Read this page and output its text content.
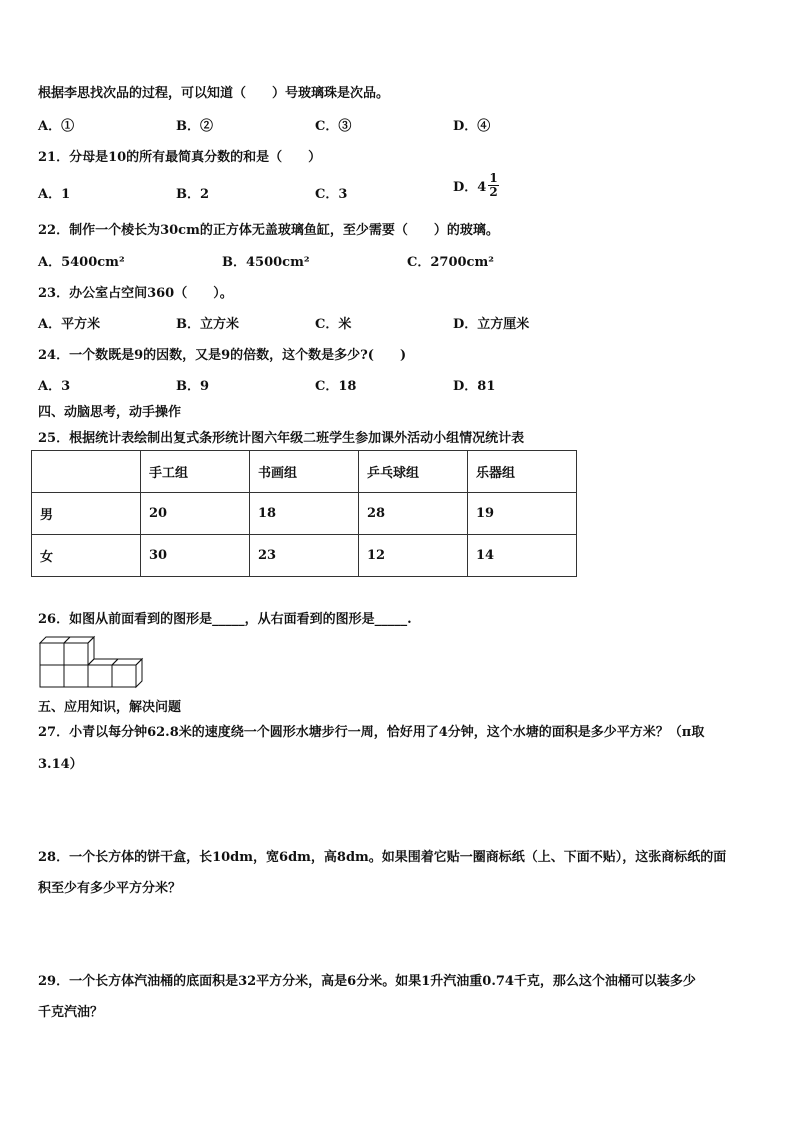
根据李思找次品的过程，可以知道（　　）号玻璃珠是次品。
A．①	B．②	C．③	D．④
21．分母是10的所有最简真分数的和是（　　）
A．1	B．2	C．3	D．$4 \frac{1}{2}$
22．制作一个棱长为30cm的正方体无盖玻璃鱼缸，至少需要（　　）的玻璃。
A．5400cm²	B．4500cm²	C．2700cm²
23．办公室占空间360（　　）。
A．平方米	B．立方米	C．米	D．立方厘米
24．一个数既是9的因数，又是9的倍数，这个数是多少?(　　)
A．3	B．9	C．18	D．81
四、动脑思考，动手操作
25．根据统计表绘制出复式条形统计图六年级二班学生参加课外活动小组情况统计表
	手工组	书画组	乒乓球组	乐器组
男	20	18	28	19
女	30	23	12	14
26．如图从前面看到的图形是_____，从右面看到的图形是_____.
五、应用知识，解决问题
27．小青以每分钟62.8米的速度绕一个圆形水塘步行一周，恰好用了4分钟，这个水塘的面积是多少平方米？（π取
3.14）
28．一个长方体的饼干盒，长10dm，宽6dm，高8dm。如果围着它贴一圈商标纸（上、下面不贴），这张商标纸的面
积至少有多少平方分米？
29．一个长方体汽油桶的底面积是32平方分米，高是6分米。如果1升汽油重0.74千克，那么这个油桶可以装多少
千克汽油？
